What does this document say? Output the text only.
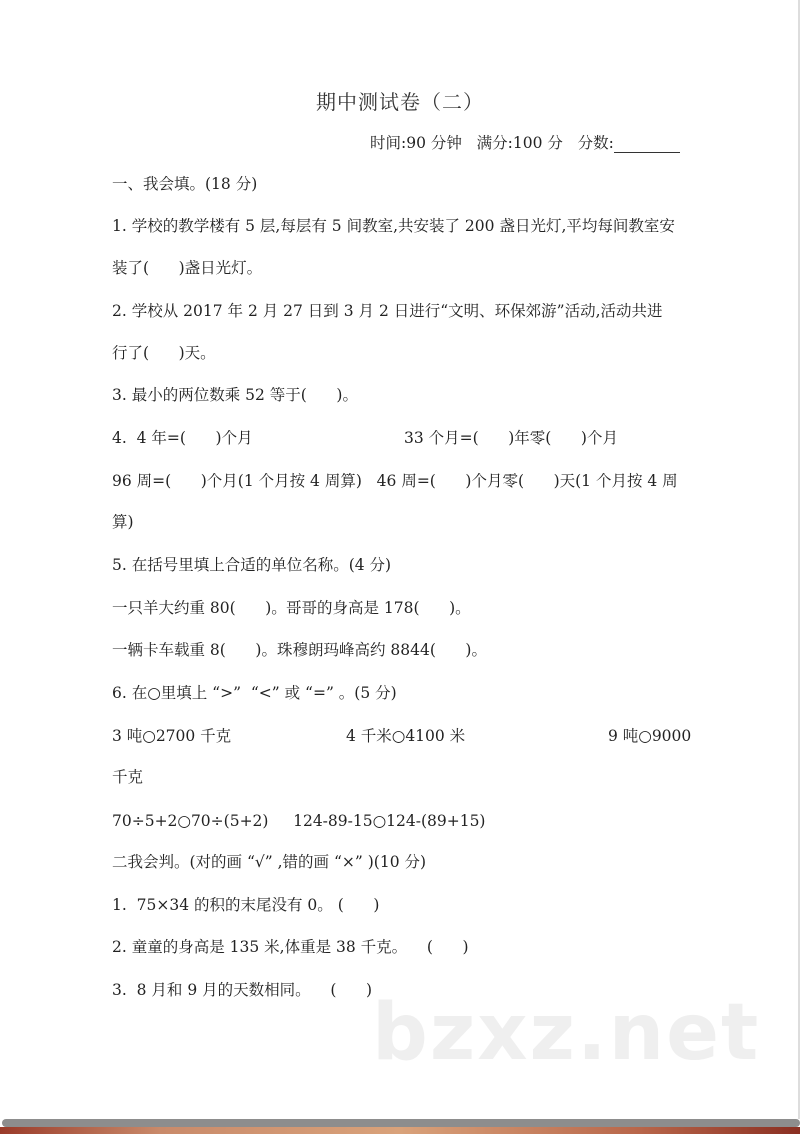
期中测试卷（二）
时间:90 分钟 满分:100 分 分数:
一、我会填。(18 分)
1. 学校的教学楼有 5 层,每层有 5 间教室,共安装了 200 盏日光灯,平均每间教室安
装了(      )盏日光灯。
2. 学校从 2017 年 2 月 27 日到 3 月 2 日进行“文明、环保郊游”活动,活动共进
行了(      )天。
3. 最小的两位数乘 52 等于(      )。

4.  4 年=(      )个月

	33 个月=(      )年零(      )个月

96 周=(      )个月(1 个月按 4 周算)   46 周=(      )个月零(      )天(1 个月按 4 周
算)
5. 在括号里填上合适的单位名称。(4 分)

一只羊大约重 80(      )。

哥哥的身高是 178(      )。

一辆卡车载重 8(      )。珠穆朗玛峰高约 8844(      )。
6. 在○里填上 “>”  “<” 或 “=” 。(5 分)

3 吨○2700 千克

	4 千米○4100 米

	9 吨○9000

千克
70÷5+2○70÷(5+2)     124-89-15○124-(89+15)
二我会判。(对的画 “√” ,错的画 “×” )(10 分)
1.  75×34 的积的末尾没有 0。 (      )
2. 童童的身高是 135 米,体重是 38 千克。    (      )
3.  8 月和 9 月的天数相同。    (      ) bzxz.net
